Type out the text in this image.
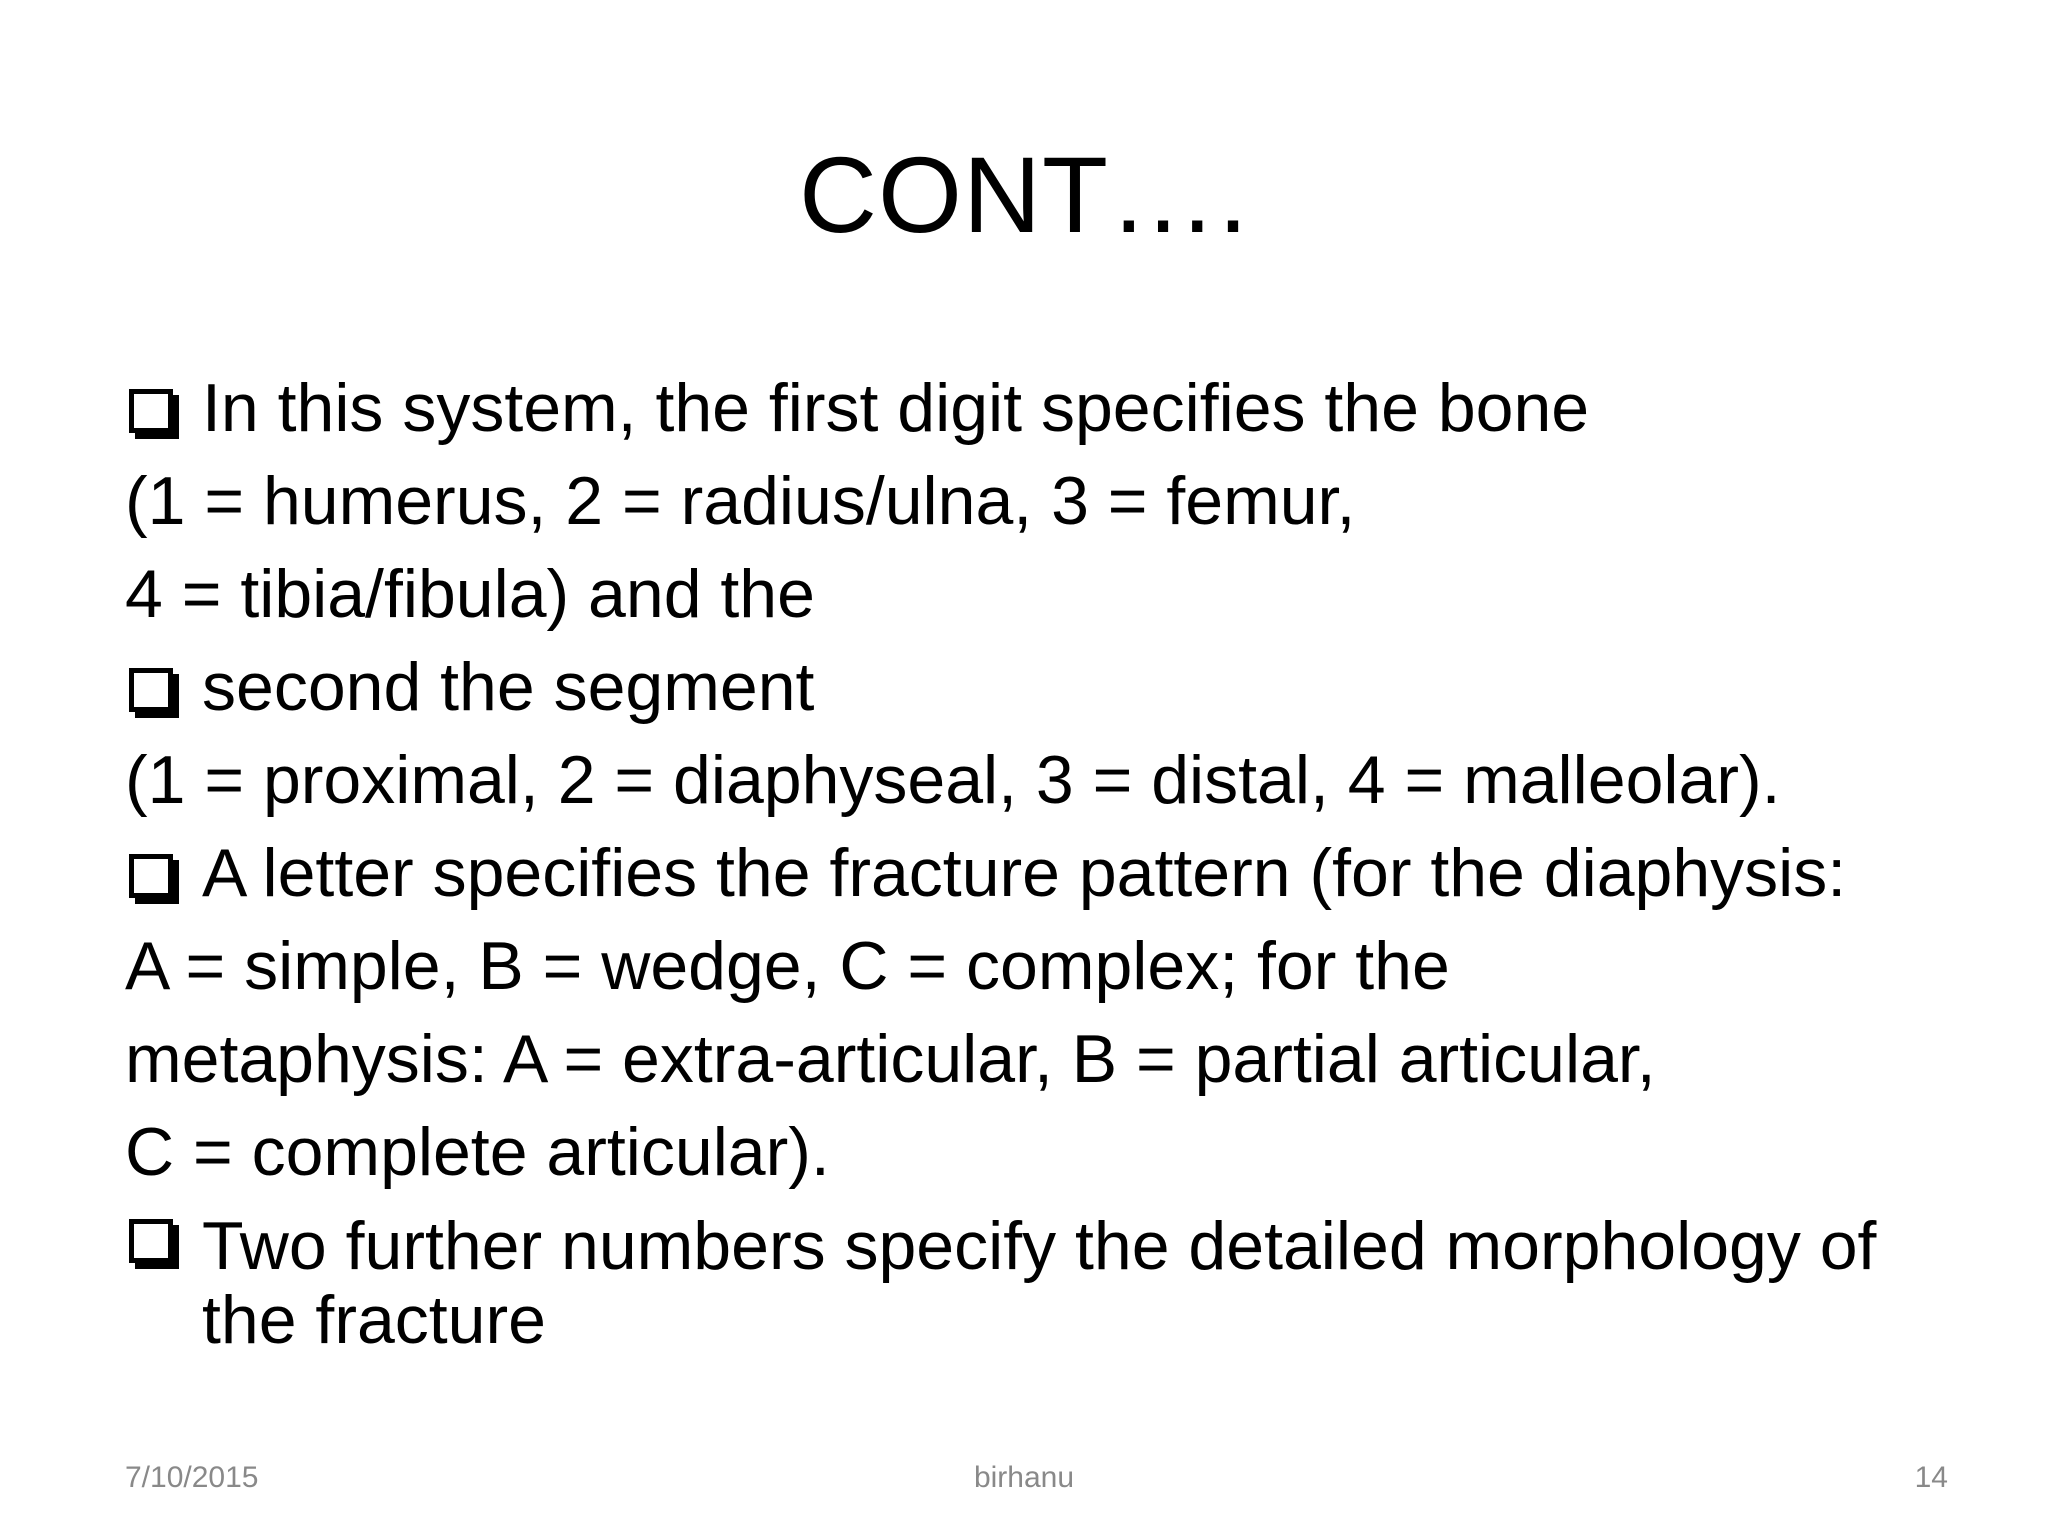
CONT….
In this system, the first digit specifies the bone
(1 = humerus, 2 = radius/ulna, 3 = femur,
4 = tibia/fibula) and the
second the segment
(1 = proximal, 2 = diaphyseal, 3 = distal, 4 = malleolar).
A letter specifies the fracture pattern (for the diaphysis:
A = simple, B = wedge, C = complex; for the
metaphysis: A = extra-articular, B = partial articular,
C = complete articular).
Two further numbers specify the detailed morphology of the fracture
7/10/2015	birhanu	14
